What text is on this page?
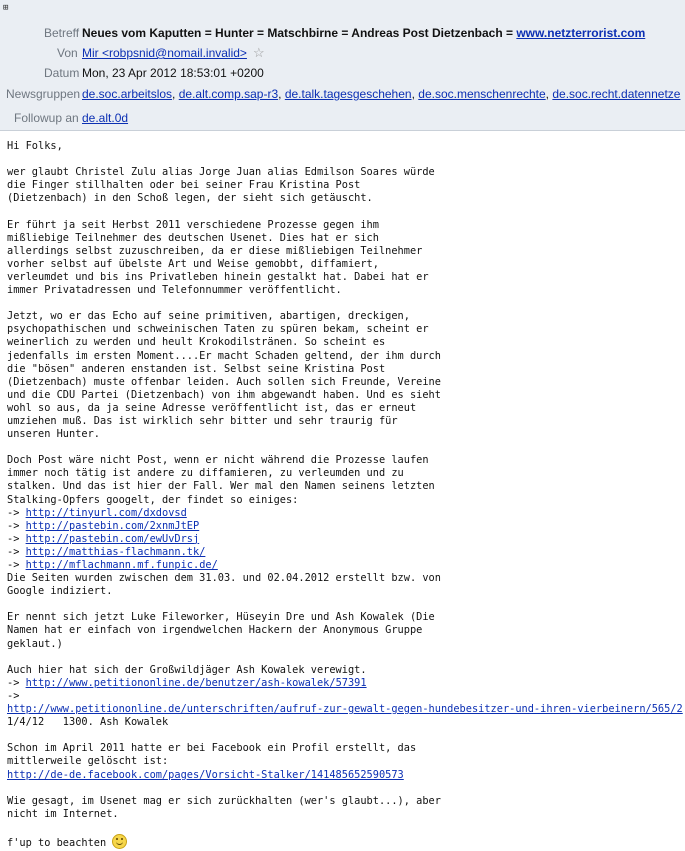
⊞
Betreff Neues vom Kaputten = Hunter = Matschbirne = Andreas Post Dietzenbach = www.netzterrorist.com
Von Mir <robpsnid@nomail.invalid> ☆
Datum Mon, 23 Apr 2012 18:53:01 +0200
Newsgruppen de.soc.arbeitslos, de.alt.comp.sap-r3, de.talk.tagesgeschehen, de.soc.menschenrechte, de.soc.recht.datennetze
Followup an de.alt.0d
Hi Folks,

wer glaubt Christel Zulu alias Jorge Juan alias Edmilson Soares würde
die Finger stillhalten oder bei seiner Frau Kristina Post
(Dietzenbach) in den Schoß legen, der sieht sich getäuscht.

Er führt ja seit Herbst 2011 verschiedene Prozesse gegen ihm
mißliebige Teilnehmer des deutschen Usenet. Dies hat er sich
allerdings selbst zuzuschreiben, da er diese mißliebigen Teilnehmer
vorher selbst auf übelste Art und Weise gemobbt, diffamiert,
verleumdet und bis ins Privatleben hinein gestalkt hat. Dabei hat er
immer Privatadressen und Telefonnummer veröffentlicht.

Jetzt, wo er das Echo auf seine primitiven, abartigen, dreckigen,
psychopathischen und schweinischen Taten zu spüren bekam, scheint er
weinerlich zu werden und heult Krokodilstränen. So scheint es
jedenfalls im ersten Moment....Er macht Schaden geltend, der ihm durch
die "bösen" anderen enstanden ist. Selbst seine Kristina Post
(Dietzenbach) muste offenbar leiden. Auch sollen sich Freunde, Vereine
und die CDU Partei (Dietzenbach) von ihm abgewandt haben. Und es sieht
wohl so aus, da ja seine Adresse veröffentlicht ist, das er erneut
umziehen muß. Das ist wirklich sehr bitter und sehr traurig für
unseren Hunter.

Doch Post wäre nicht Post, wenn er nicht während die Prozesse laufen
immer noch tätig ist andere zu diffamieren, zu verleumden und zu
stalken. Und das ist hier der Fall. Wer mal den Namen seinens letzten
Stalking-Opfers googelt, der findet so einiges:
-> http://tinyurl.com/dxdovsd
-> http://pastebin.com/2xnmJtEP
-> http://pastebin.com/ewUvDrsj
-> http://matthias-flachmann.tk/
-> http://mflachmann.mf.funpic.de/
Die Seiten wurden zwischen dem 31.03. und 02.04.2012 erstellt bzw. von
Google indiziert.

Er nennt sich jetzt Luke Fileworker, Hüseyin Dre und Ash Kowalek (Die
Namen hat er einfach von irgendwelchen Hackern der Anonymous Gruppe
geklaut.)

Auch hier hat sich der Großwildjäger Ash Kowalek verewigt.
-> http://www.petitiononline.de/benutzer/ash-kowalek/57391
->
http://www.petitiononline.de/unterschriften/aufruf-zur-gewalt-gegen-hundebesitzer-und-ihren-vierbeinern/565/2
1/4/12   1300. Ash Kowalek

Schon im April 2011 hatte er bei Facebook ein Profil erstellt, das
mittlerweile gelöscht ist:
http://de-de.facebook.com/pages/Vorsicht-Stalker/141485652590573

Wie gesagt, im Usenet mag er sich zurückhalten (wer's glaubt...), aber
nicht im Internet.

f'up to beachten
